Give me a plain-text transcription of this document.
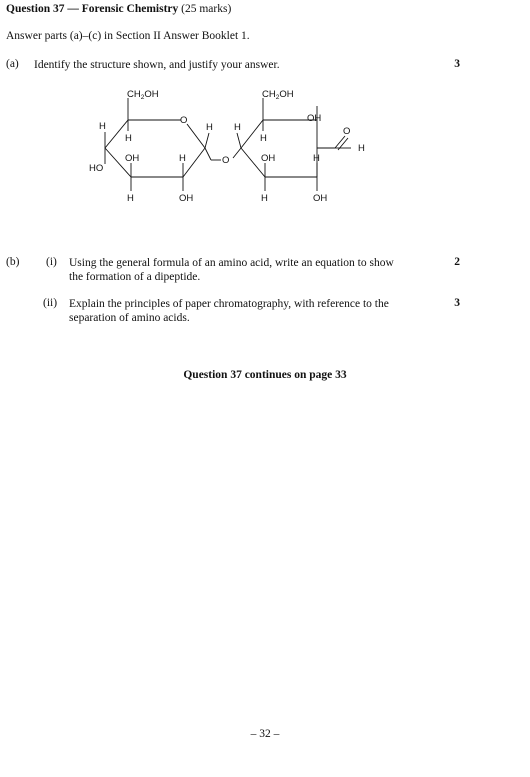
Question 37 — Forensic Chemistry (25 marks)
Answer parts (a)–(c) in Section II Answer Booklet 1.
(a) Identify the structure shown, and justify your answer.	3
$CH_2OH$
O
H
H
OH	H
HO
H	OH
H
O
$CH_2OH$
OH
H
H
OH	H
H	OH
O
H
(b) (i) Using the general formula of an amino acid, write an equation to show
the formation of a dipeptide.
2
(ii) Explain the principles of paper chromatography, with reference to the
separation of amino acids.
3
Question 37 continues on page 33
– 32 –
